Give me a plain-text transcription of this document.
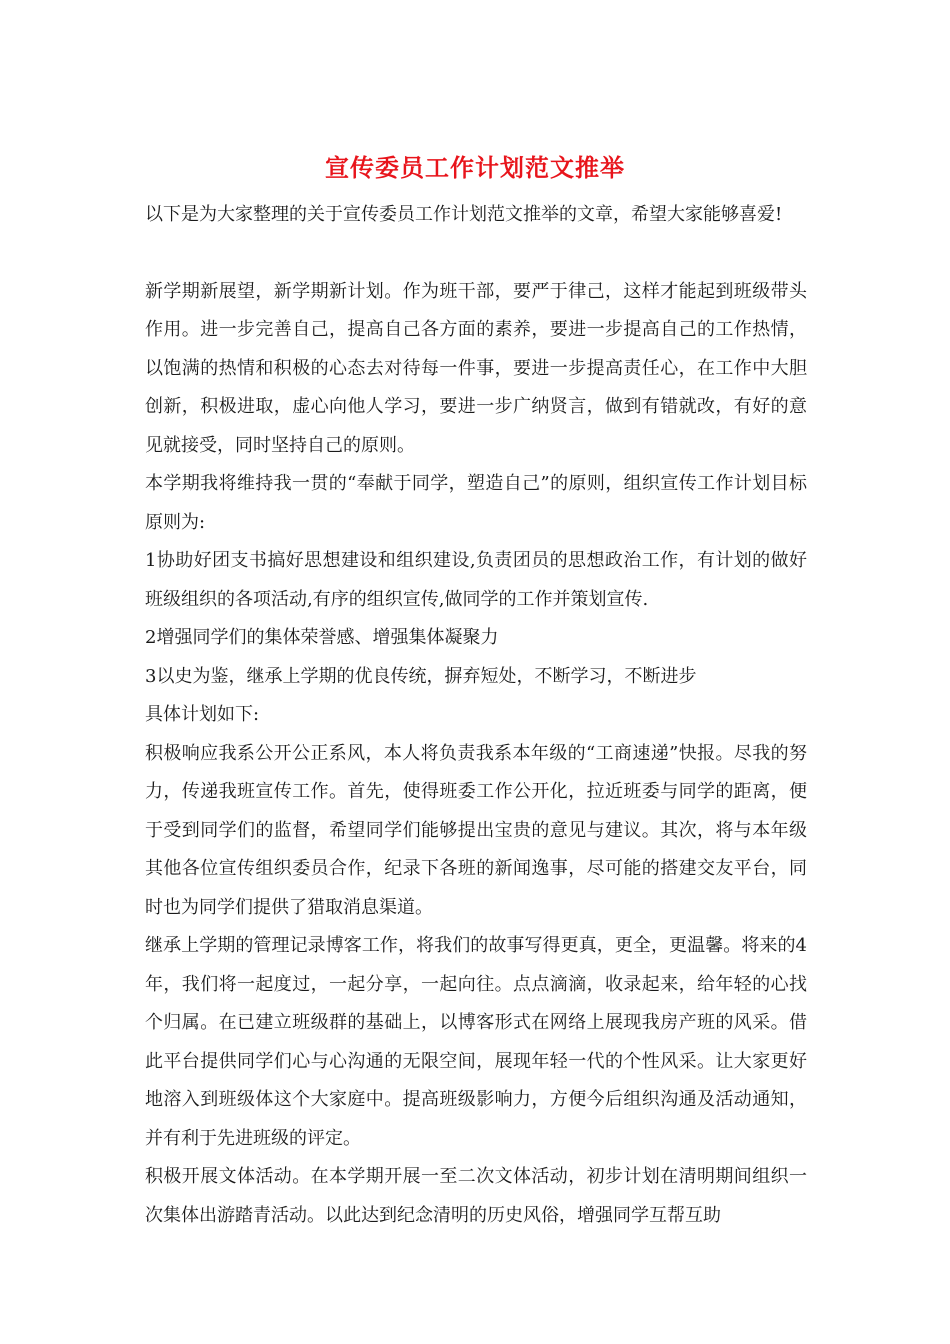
宣传委员工作计划范文推举

以下是为大家整理的关于宣传委员工作计划范文推举的文章，希望大家能够喜爱!

新学期新展望，新学期新计划。作为班干部，要严于律己，这样才能起到班级带头作用。进一步完善自己，提高自己各方面的素养，要进一步提高自己的工作热情，以饱满的热情和积极的心态去对待每一件事，要进一步提高责任心，在工作中大胆创新，积极进取，虚心向他人学习，要进一步广纳贤言，做到有错就改，有好的意见就接受，同时坚持自己的原则。

本学期我将维持我一贯的“奉献于同学，塑造自己”的原则，组织宣传工作计划目标原则为:

1协助好团支书搞好思想建设和组织建设,负责团员的思想政治工作，有计划的做好班级组织的各项活动,有序的组织宣传,做同学的工作并策划宣传.

2增强同学们的集体荣誉感、增强集体凝聚力

3以史为鉴，继承上学期的优良传统，摒弃短处，不断学习，不断进步

具体计划如下:

积极响应我系公开公正系风，本人将负责我系本年级的“工商速递”快报。尽我的努力，传递我班宣传工作。首先，使得班委工作公开化，拉近班委与同学的距离，便于受到同学们的监督，希望同学们能够提出宝贵的意见与建议。其次，将与本年级其他各位宣传组织委员合作，纪录下各班的新闻逸事，尽可能的搭建交友平台，同时也为同学们提供了猎取消息渠道。

继承上学期的管理记录博客工作，将我们的故事写得更真，更全，更温馨。将来的4年，我们将一起度过，一起分享，一起向往。点点滴滴，收录起来，给年轻的心找个归属。在已建立班级群的基础上，以博客形式在网络上展现我房产班的风采。借此平台提供同学们心与心沟通的无限空间，展现年轻一代的个性风采。让大家更好地溶入到班级体这个大家庭中。提高班级影响力，方便今后组织沟通及活动通知，并有利于先进班级的评定。

积极开展文体活动。在本学期开展一至二次文体活动，初步计划在清明期间组织一次集体出游踏青活动。以此达到纪念清明的历史风俗，增强同学互帮互助
